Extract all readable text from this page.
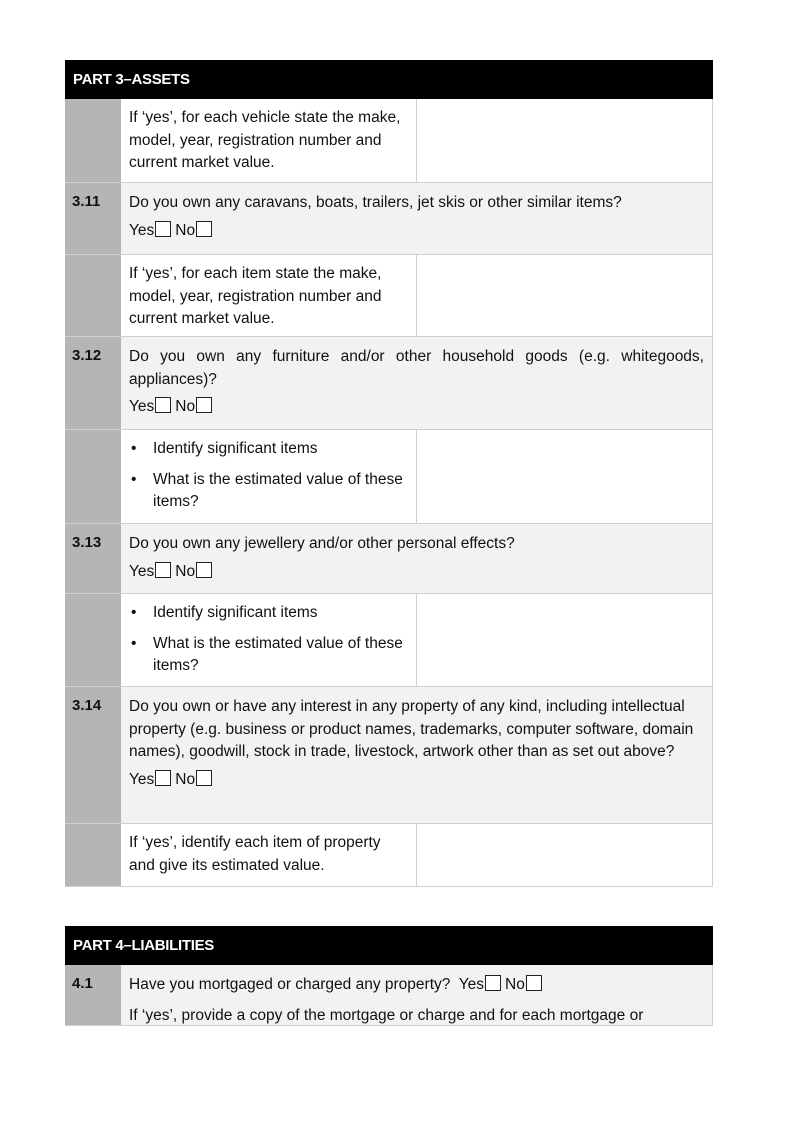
PART 3–ASSETS
If ‘yes’, for each vehicle state the make, model, year, registration number and current market value.
3.11	Do you own any caravans, boats, trailers, jet skis or other similar items?
Yes No
If ‘yes’, for each item state the make, model, year, registration number and current market value.
3.12	Do you own any furniture and/or other household goods (e.g. whitegoods, appliances)?
Yes No
• Identify significant items
• What is the estimated value of these items?
3.13	Do you own any jewellery and/or other personal effects?
Yes No
• Identify significant items
• What is the estimated value of these items?
3.14	Do you own or have any interest in any property of any kind, including intellectual property (e.g. business or product names, trademarks, computer software, domain names), goodwill, stock in trade, livestock, artwork other than as set out above?
Yes No
If ‘yes’, identify each item of property and give its estimated value.
PART 4–LIABILITIES
4.1	Have you mortgaged or charged any property? Yes No
If ‘yes’, provide a copy of the mortgage or charge and for each mortgage or
